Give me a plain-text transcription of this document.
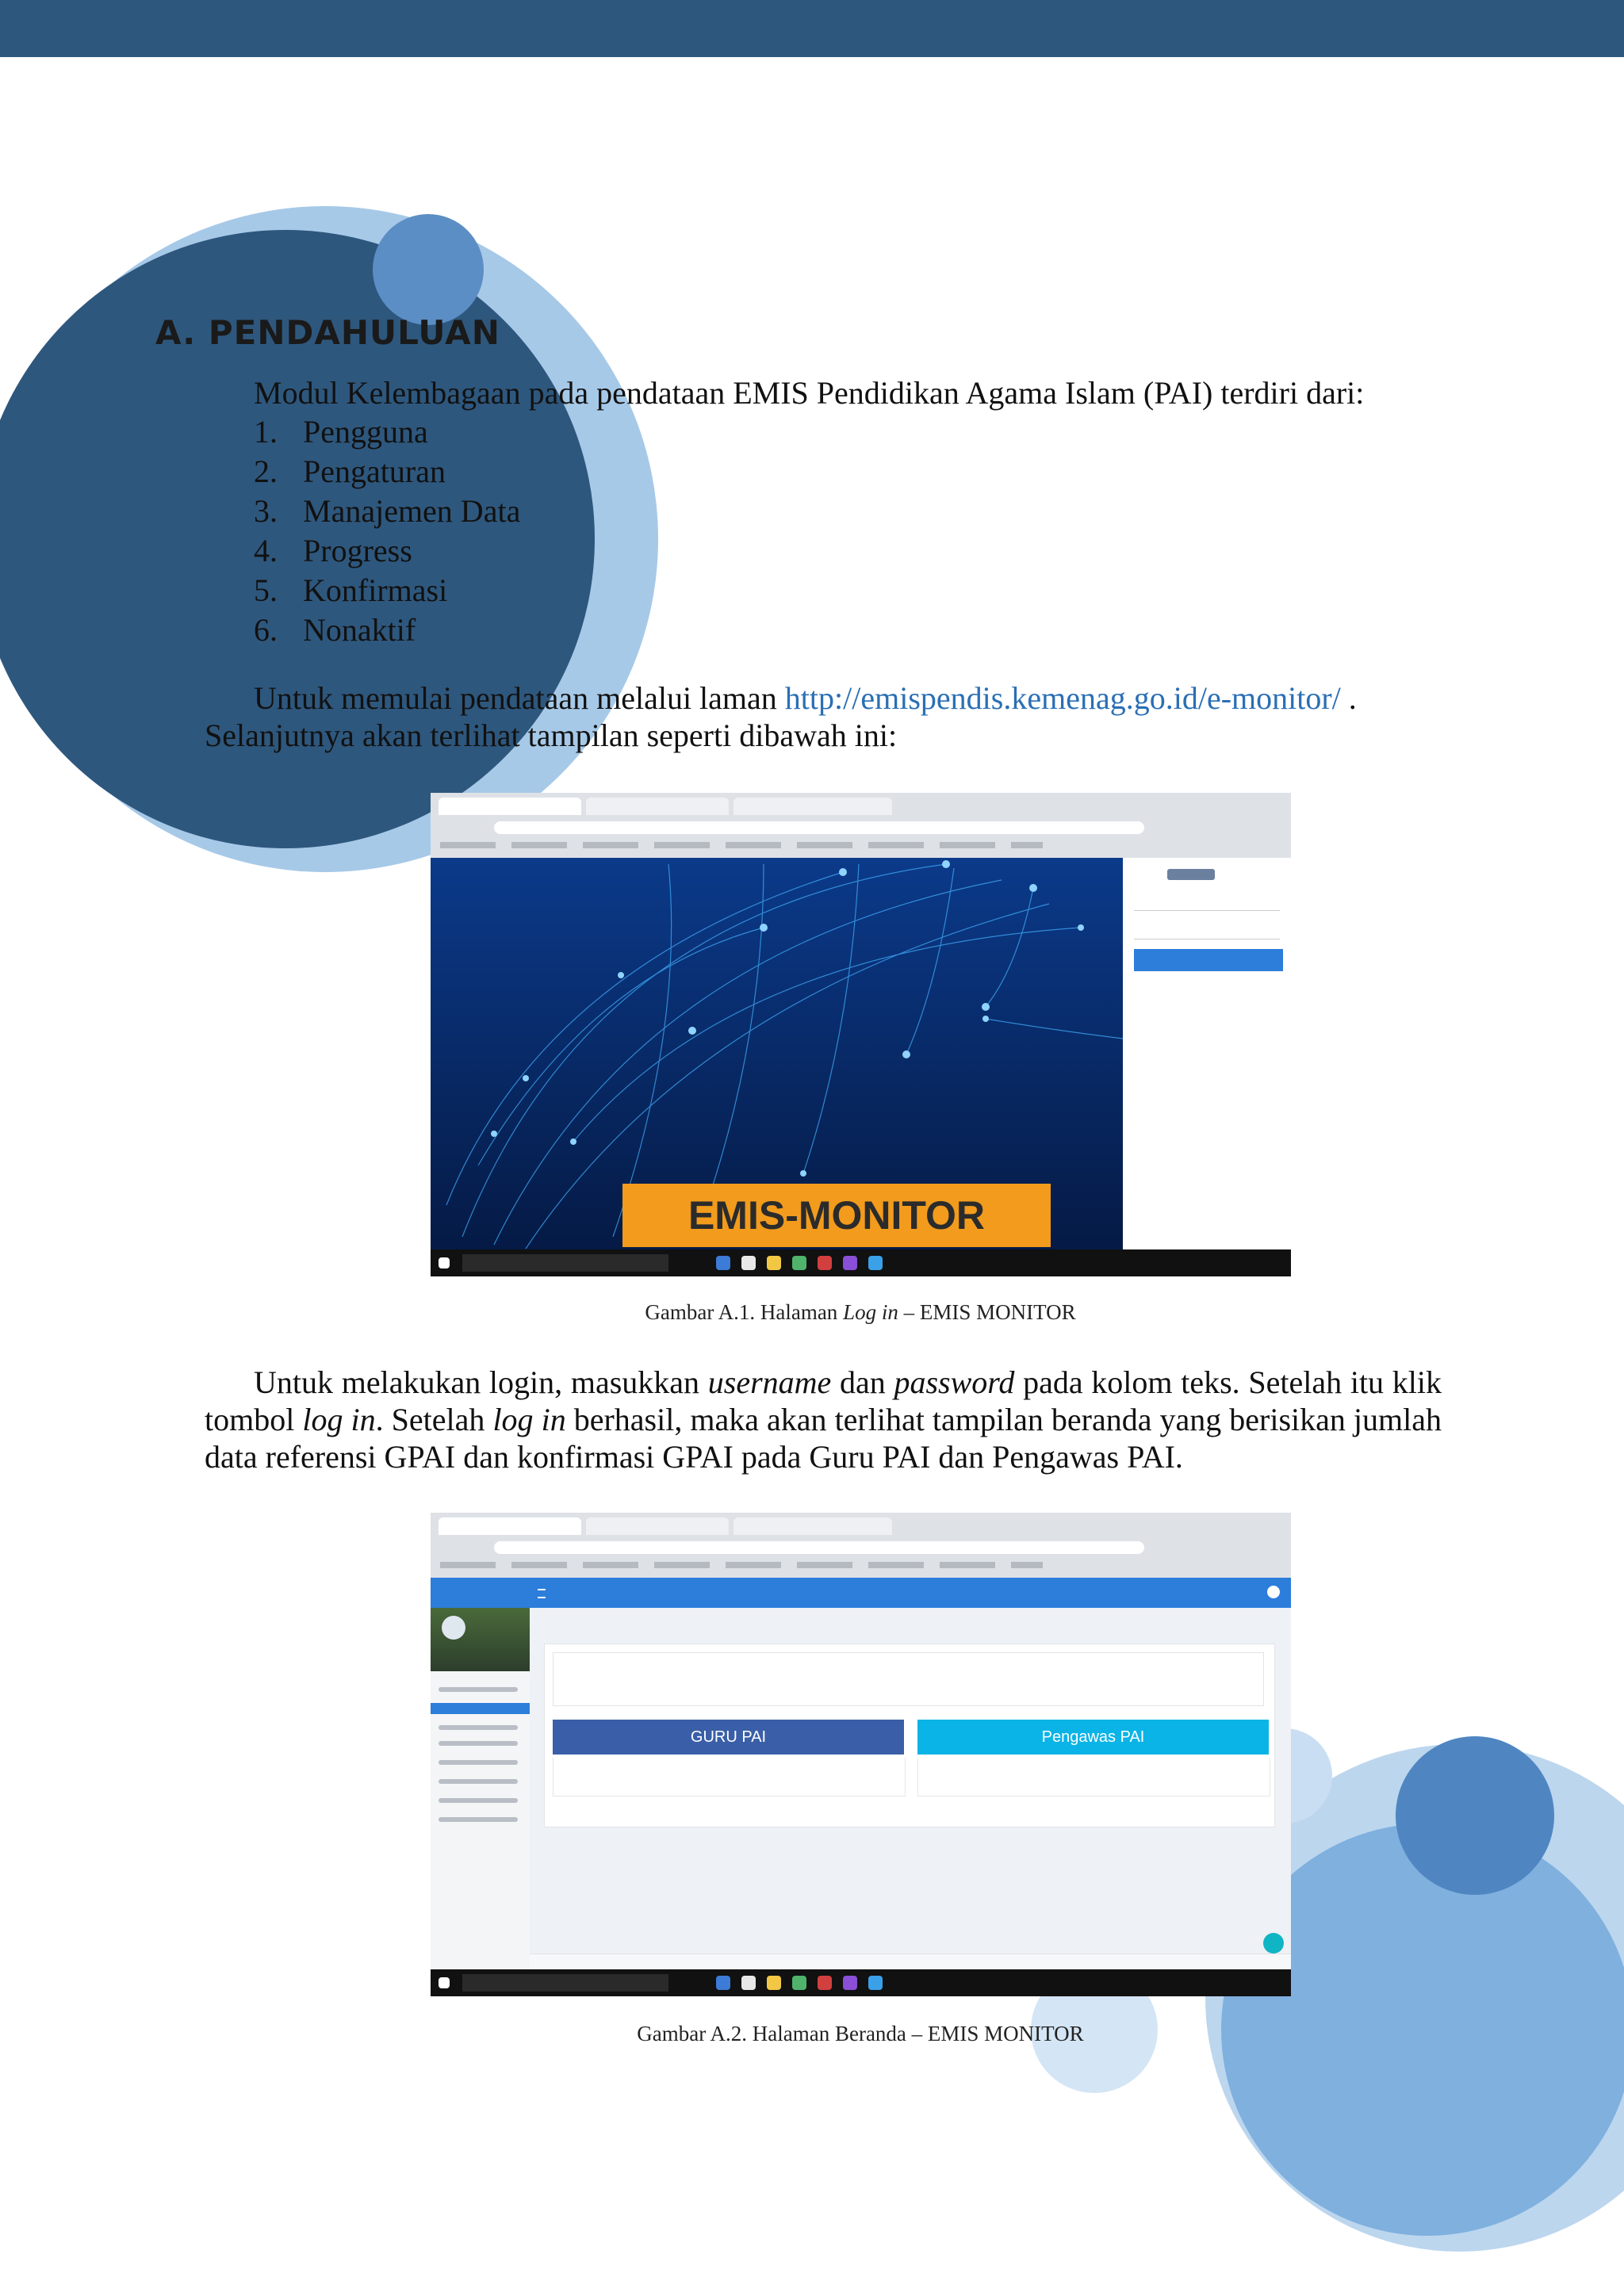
A. PENDAHULUAN

Modul Kelembagaan pada pendataan EMIS Pendidikan Agama Islam (PAI) terdiri dari:

1. Pengguna
2. Pengaturan
3. Manajemen Data
4. Progress
5. Konfirmasi
6. Nonaktif

Untuk memulai pendataan melalui laman http://emispendis.kemenag.go.id/e-monitor/ .
Selanjutnya akan terlihat tampilan seperti dibawah ini:

EMIS-MONITOR

Gambar A.1. Halaman Log in – EMIS MONITOR

Untuk melakukan login, masukkan username dan password pada kolom teks. Setelah itu klik tombol log in. Setelah log in berhasil, maka akan terlihat tampilan beranda yang berisikan jumlah data referensi GPAI dan konfirmasi GPAI pada Guru PAI dan Pengawas PAI.

GURU PAI	Pengawas PAI

Gambar A.2. Halaman Beranda – EMIS MONITOR
